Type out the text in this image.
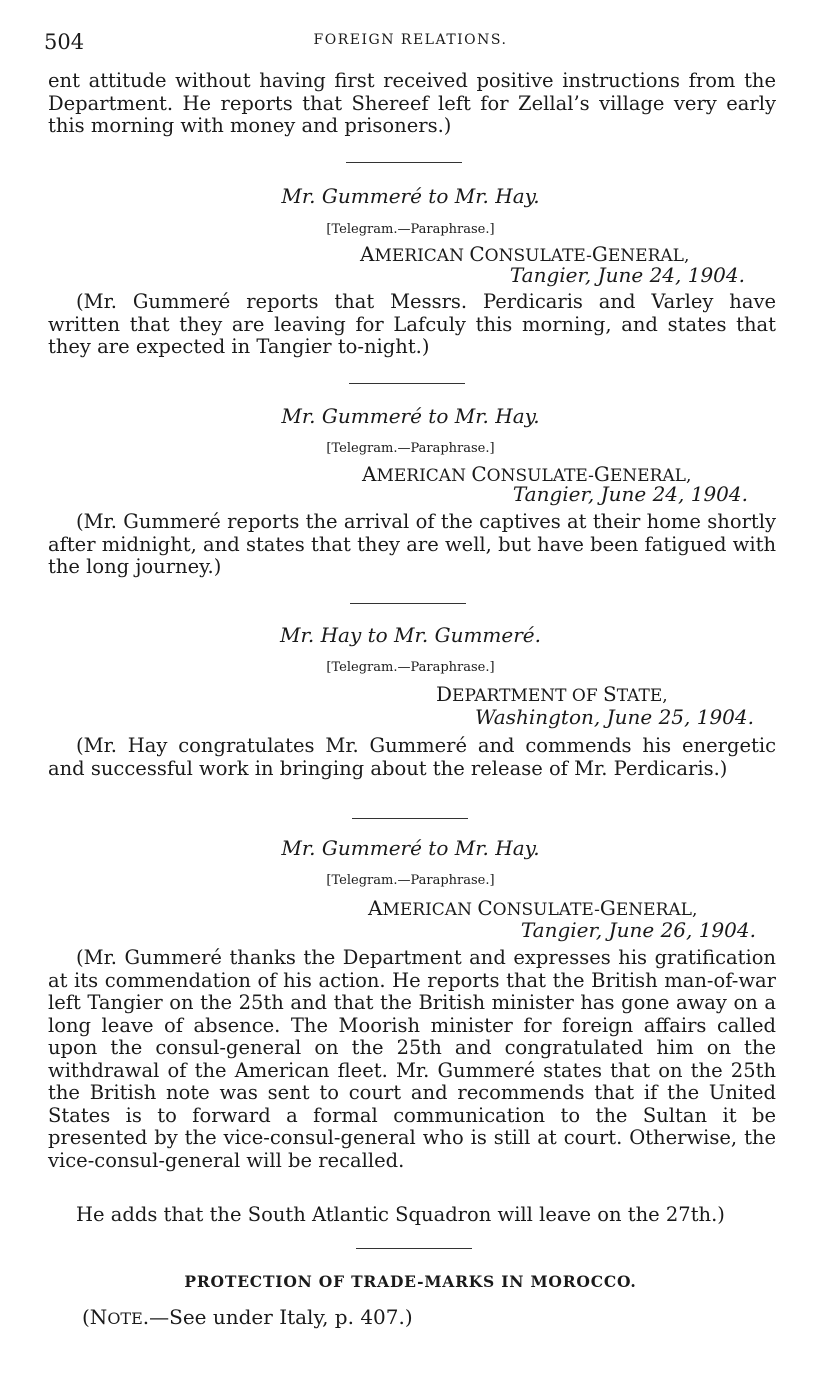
504	FOREIGN RELATIONS.

ent attitude without having first received positive instructions from the Department. He reports that Shereef left for Zellal’s village very early this morning with money and prisoners.)

Mr. Gummeré to Mr. Hay.
[Telegram.—Paraphrase.]
AMERICAN CONSULATE-GENERAL,
Tangier, June 24, 1904.

(Mr. Gummeré reports that Messrs. Perdicaris and Varley have written that they are leaving for Lafculy this morning, and states that they are expected in Tangier to-night.)

Mr. Gummeré to Mr. Hay.
[Telegram.—Paraphrase.]
AMERICAN CONSULATE-GENERAL,
Tangier, June 24, 1904.

(Mr. Gummeré reports the arrival of the captives at their home shortly after midnight, and states that they are well, but have been fatigued with the long journey.)

Mr. Hay to Mr. Gummeré.
[Telegram.—Paraphrase.]
DEPARTMENT OF STATE,
Washington, June 25, 1904.

(Mr. Hay congratulates Mr. Gummeré and commends his energetic and successful work in bringing about the release of Mr. Perdicaris.)

Mr. Gummeré to Mr. Hay.
[Telegram.—Paraphrase.]
AMERICAN CONSULATE-GENERAL,
Tangier, June 26, 1904.

(Mr. Gummeré thanks the Department and expresses his gratification at its commendation of his action. He reports that the British man-of-war left Tangier on the 25th and that the British minister has gone away on a long leave of absence. The Moorish minister for foreign affairs called upon the consul-general on the 25th and congratulated him on the withdrawal of the American fleet. Mr. Gummeré states that on the 25th the British note was sent to court and recommends that if the United States is to forward a formal communication to the Sultan it be presented by the vice-consul-general who is still at court. Otherwise, the vice-consul-general will be recalled.

He adds that the South Atlantic Squadron will leave on the 27th.)

PROTECTION OF TRADE-MARKS IN MOROCCO.
(NOTE.—See under Italy, p. 407.)
